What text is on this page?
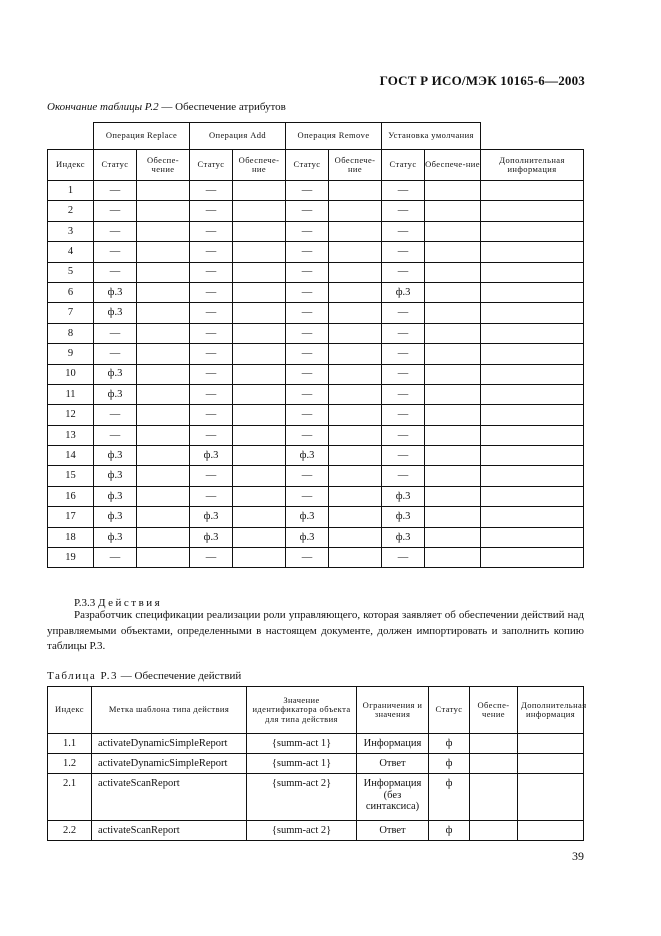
ГОСТ Р ИСО/МЭК 10165-6—2003
Окончание таблицы Р.2 — Обеспечение атрибутов
	Операция Replace		Операция Add		Операция Remove		Установка умолчания		
Индекс	Статус	Обеспе-чение	Статус	Обеспече-ние	Статус	Обеспече-ние	Статус	Обеспече-ние	Дополнительная информация
1	—		—		—		—		
2	—		—		—		—		
3	—		—		—		—		
4	—		—		—		—		
5	—		—		—		—		
6	ф.3		—		—		ф.3		
7	ф.3		—		—		—		
8	—		—		—		—		
9	—		—		—		—		
10	ф.3		—		—		—		
11	ф.3		—		—		—		
12	—		—		—		—		
13	—		—		—		—		
14	ф.3		ф.3		ф.3		—		
15	ф.3		—		—		—		
16	ф.3		—		—		ф.3		
17	ф.3		ф.3		ф.3		ф.3		
18	ф.3		ф.3		ф.3		ф.3		
19	—		—		—		—		
Р.3.3 Действия
Разработчик спецификации реализации роли управляющего, которая заявляет об обеспечении действий над управляемыми объектами, определенными в настоящем документе, должен импортировать и заполнить копию таблицы Р.3.
Таблица Р.3 — Обеспечение действий
Индекс	Метка шаблона типа действия	Значение идентификатора объекта для типа действия	Ограничения и значения	Статус	Обеспе-чение	Дополнительная информация
1.1	activateDynamicSimpleReport	{summ-act 1}	Информация	ф		
1.2	activateDynamicSimpleReport	{summ-act 1}	Ответ	ф		
2.1	activateScanReport	{summ-act 2}	Информация (без синтаксиса)	ф		
2.2	activateScanReport	{summ-act 2}	Ответ	ф		
39
